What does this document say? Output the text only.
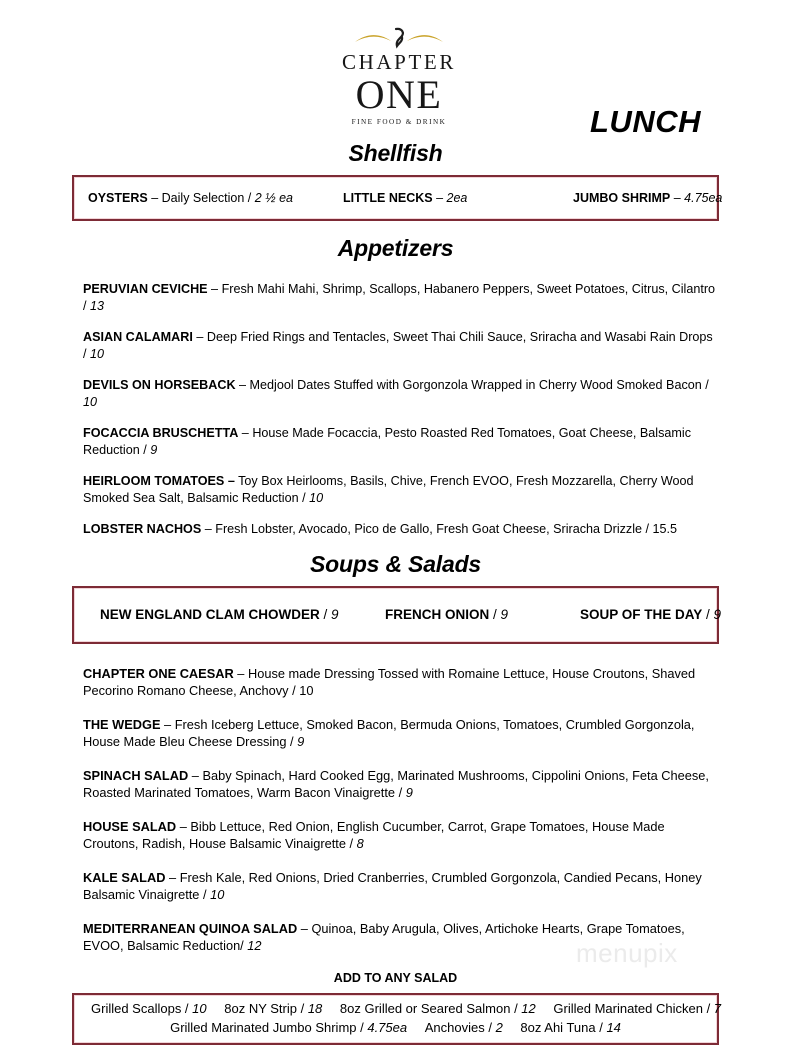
CHAPTER
ONE
FINE FOOD & DRINK	LUNCH
Shellfish
OYSTERS – Daily Selection / 2 ½ ea	LITTLE NECKS – 2ea	JUMBO SHRIMP – 4.75ea
Appetizers
PERUVIAN CEVICHE – Fresh Mahi Mahi, Shrimp, Scallops, Habanero Peppers, Sweet Potatoes, Citrus, Cilantro / 13
ASIAN CALAMARI – Deep Fried Rings and Tentacles, Sweet Thai Chili Sauce, Sriracha and Wasabi Rain Drops / 10
DEVILS ON HORSEBACK – Medjool Dates Stuffed with Gorgonzola Wrapped in Cherry Wood Smoked Bacon / 10
FOCACCIA BRUSCHETTA – House Made Focaccia, Pesto Roasted Red Tomatoes, Goat Cheese, Balsamic Reduction / 9
HEIRLOOM TOMATOES – Toy Box Heirlooms, Basils, Chive, French EVOO, Fresh Mozzarella, Cherry Wood Smoked Sea Salt, Balsamic Reduction / 10
LOBSTER NACHOS – Fresh Lobster, Avocado, Pico de Gallo, Fresh Goat Cheese, Sriracha Drizzle / 15.5
Soups & Salads
NEW ENGLAND CLAM CHOWDER / 9	FRENCH ONION / 9	SOUP OF THE DAY / 9
CHAPTER ONE CAESAR – House made Dressing Tossed with Romaine Lettuce, House Croutons, Shaved Pecorino Romano Cheese, Anchovy / 10
THE WEDGE – Fresh Iceberg Lettuce, Smoked Bacon, Bermuda Onions, Tomatoes, Crumbled Gorgonzola, House Made Bleu Cheese Dressing / 9
SPINACH SALAD – Baby Spinach, Hard Cooked Egg, Marinated Mushrooms, Cippolini Onions, Feta Cheese, Roasted Marinated Tomatoes, Warm Bacon Vinaigrette / 9
HOUSE SALAD – Bibb Lettuce, Red Onion, English Cucumber, Carrot, Grape Tomatoes, House Made Croutons, Radish, House Balsamic Vinaigrette / 8
KALE SALAD – Fresh Kale, Red Onions, Dried Cranberries, Crumbled Gorgonzola, Candied Pecans, Honey Balsamic Vinaigrette / 10
MEDITERRANEAN QUINOA SALAD – Quinoa, Baby Arugula, Olives, Artichoke Hearts, Grape Tomatoes, EVOO, Balsamic Reduction/ 12
ADD TO ANY SALAD
Grilled Scallops / 10 8oz NY Strip / 18 8oz Grilled or Seared Salmon / 12 Grilled Marinated Chicken / 7
Grilled Marinated Jumbo Shrimp / 4.75ea Anchovies / 2 8oz Ahi Tuna / 14
menupix
